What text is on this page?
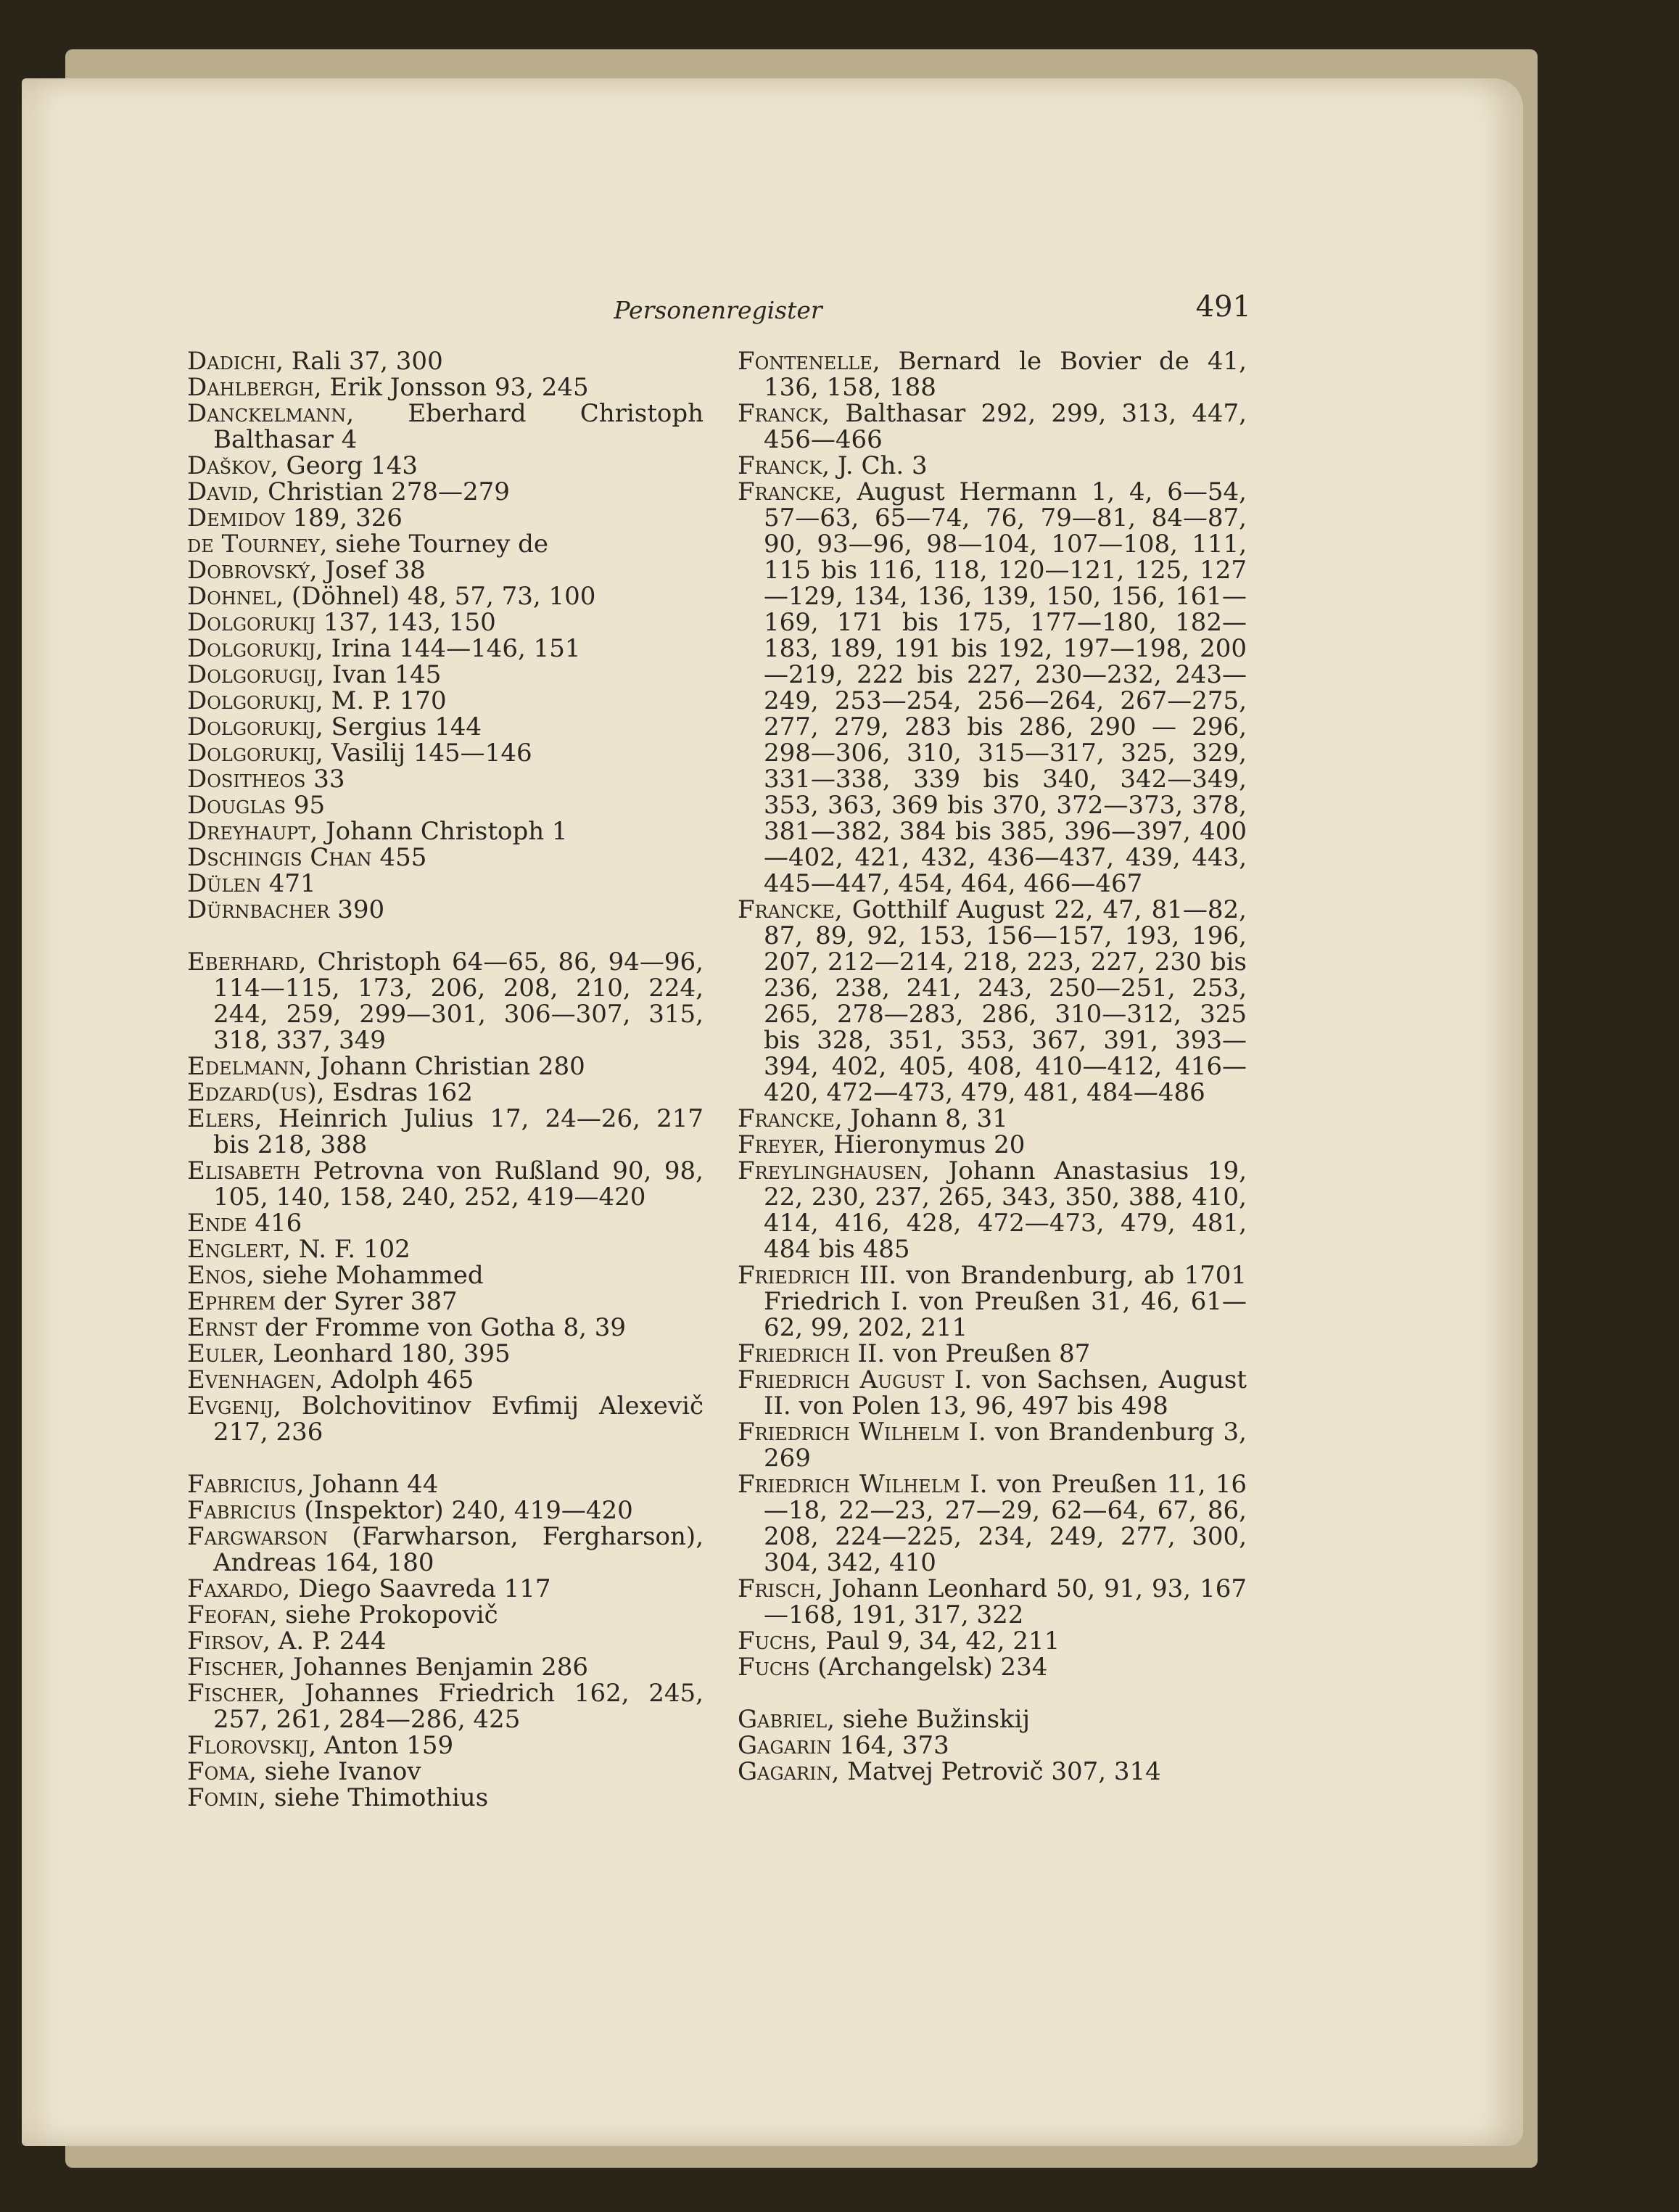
Personenregister	491

Dadichi, Rali 37, 300

Dahlbergh, Erik Jonsson 93, 245

Danckelmann, Eberhard Christoph Balthasar 4

Daškov, Georg 143

David, Christian 278—279

Demidov 189, 326

de Tourney, siehe Tourney de

Dobrovský, Josef 38

Dohnel, (Döhnel) 48, 57, 73, 100

Dolgorukij 137, 143, 150

Dolgorukij, Irina 144—146, 151

Dolgorugij, Ivan 145

Dolgorukij, M. P. 170

Dolgorukij, Sergius 144

Dolgorukij, Vasilij 145—146

Dositheos 33

Douglas 95

Dreyhaupt, Johann Christoph 1

Dschingis Chan 455

Dülen 471

Dürnbacher 390

Eberhard, Christoph 64—65, 86, 94—96, 114—115, 173, 206, 208, 210, 224, 244, 259, 299—301, 306—307, 315, 318, 337, 349

Edelmann, Johann Christian 280

Edzard(us), Esdras 162

Elers, Heinrich Julius 17, 24—26, 217 bis 218, 388

Elisabeth Petrovna von Rußland 90, 98, 105, 140, 158, 240, 252, 419—420

Ende 416

Englert, N. F. 102

Enos, siehe Mohammed

Ephrem der Syrer 387

Ernst der Fromme von Gotha 8, 39

Euler, Leonhard 180, 395

Evenhagen, Adolph 465

Evgenij, Bolchovitinov Evfimij Alexevič 217, 236

Fabricius, Johann 44

Fabricius (Inspektor) 240, 419—420

Fargwarson (Farwharson, Fergharson), Andreas 164, 180

Faxardo, Diego Saavreda 117

Feofan, siehe Prokopovič

Firsov, A. P. 244

Fischer, Johannes Benjamin 286

Fischer, Johannes Friedrich 162, 245, 257, 261, 284—286, 425

Florovskij, Anton 159

Foma, siehe Ivanov

Fomin, siehe Thimothius

Fontenelle, Bernard le Bovier de 41, 136, 158, 188

Franck, Balthasar 292, 299, 313, 447, 456—466

Franck, J. Ch. 3

Francke, August Hermann 1, 4, 6—54, 57—63, 65—74, 76, 79—81, 84—87, 90, 93—96, 98—104, 107—108, 111, 115 bis 116, 118, 120—121, 125, 127—129, 134, 136, 139, 150, 156, 161—169, 171 bis 175, 177—180, 182—183, 189, 191 bis 192, 197—198, 200—219, 222 bis 227, 230—232, 243—249, 253—254, 256—264, 267—275, 277, 279, 283 bis 286, 290 — 296, 298—306, 310, 315—317, 325, 329, 331—338, 339 bis 340, 342—349, 353, 363, 369 bis 370, 372—373, 378, 381—382, 384 bis 385, 396—397, 400—402, 421, 432, 436—437, 439, 443, 445—447, 454, 464, 466—467

Francke, Gotthilf August 22, 47, 81—82, 87, 89, 92, 153, 156—157, 193, 196, 207, 212—214, 218, 223, 227, 230 bis 236, 238, 241, 243, 250—251, 253, 265, 278—283, 286, 310—312, 325 bis 328, 351, 353, 367, 391, 393—394, 402, 405, 408, 410—412, 416—420, 472—473, 479, 481, 484—486

Francke, Johann 8, 31

Freyer, Hieronymus 20

Freylinghausen, Johann Anastasius 19, 22, 230, 237, 265, 343, 350, 388, 410, 414, 416, 428, 472—473, 479, 481, 484 bis 485

Friedrich III. von Brandenburg, ab 1701 Friedrich I. von Preußen 31, 46, 61—62, 99, 202, 211

Friedrich II. von Preußen 87

Friedrich August I. von Sachsen, August II. von Polen 13, 96, 497 bis 498

Friedrich Wilhelm I. von Brandenburg 3, 269

Friedrich Wilhelm I. von Preußen 11, 16—18, 22—23, 27—29, 62—64, 67, 86, 208, 224—225, 234, 249, 277, 300, 304, 342, 410

Frisch, Johann Leonhard 50, 91, 93, 167—168, 191, 317, 322

Fuchs, Paul 9, 34, 42, 211

Fuchs (Archangelsk) 234

Gabriel, siehe Bužinskij

Gagarin 164, 373

Gagarin, Matvej Petrovič 307, 314
